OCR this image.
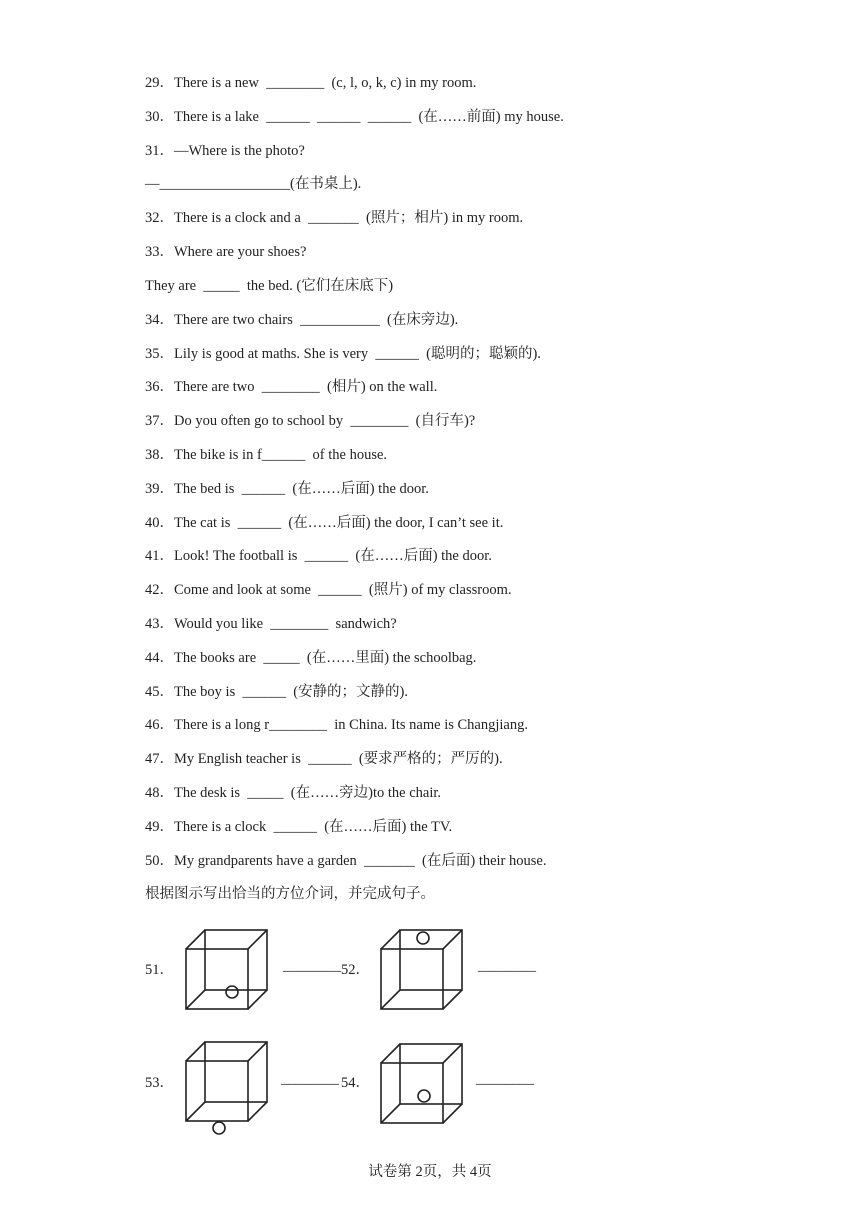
29．There is a new  ________  (c, l, o, k, c) in my room.
30．There is a lake  ______  ______  ______  (在……前面) my house.
31．—Where is the photo?
—__________________(在书桌上).
32．There is a clock and a  _______  (照片；相片) in my room.
33．Where are your shoes?
They are  _____  the bed. (它们在床底下)
34．There are two chairs  ___________  (在床旁边).
35．Lily is good at maths. She is very  ______  (聪明的；聪颖的).
36．There are two  ________  (相片) on the wall.
37．Do you often go to school by  ________  (自行车)?
38．The bike is in f______  of the house.
39．The bed is  ______  (在……后面) the door.
40．The cat is  ______  (在……后面) the door, I can’t see it.
41．Look! The football is  ______  (在……后面) the door.
42．Come and look at some  ______  (照片) of my classroom.
43．Would you like  ________  sandwich?
44．The books are  _____  (在……里面) the schoolbag.
45．The boy is  ______  (安静的；文静的).
46．There is a long r________  in China. Its name is Changjiang.
47．My English teacher is  ______  (要求严格的；严厉的).
48．The desk is  _____  (在……旁边)to the chair.
49．There is a clock  ______  (在……后面) the TV.
50．My grandparents have a garden  _______  (在后面) their house.
根据图示写出恰当的方位介词，并完成句子。
51．	________ 52．	________
53．	________ 54．	________
试卷第 2页，共 4页
